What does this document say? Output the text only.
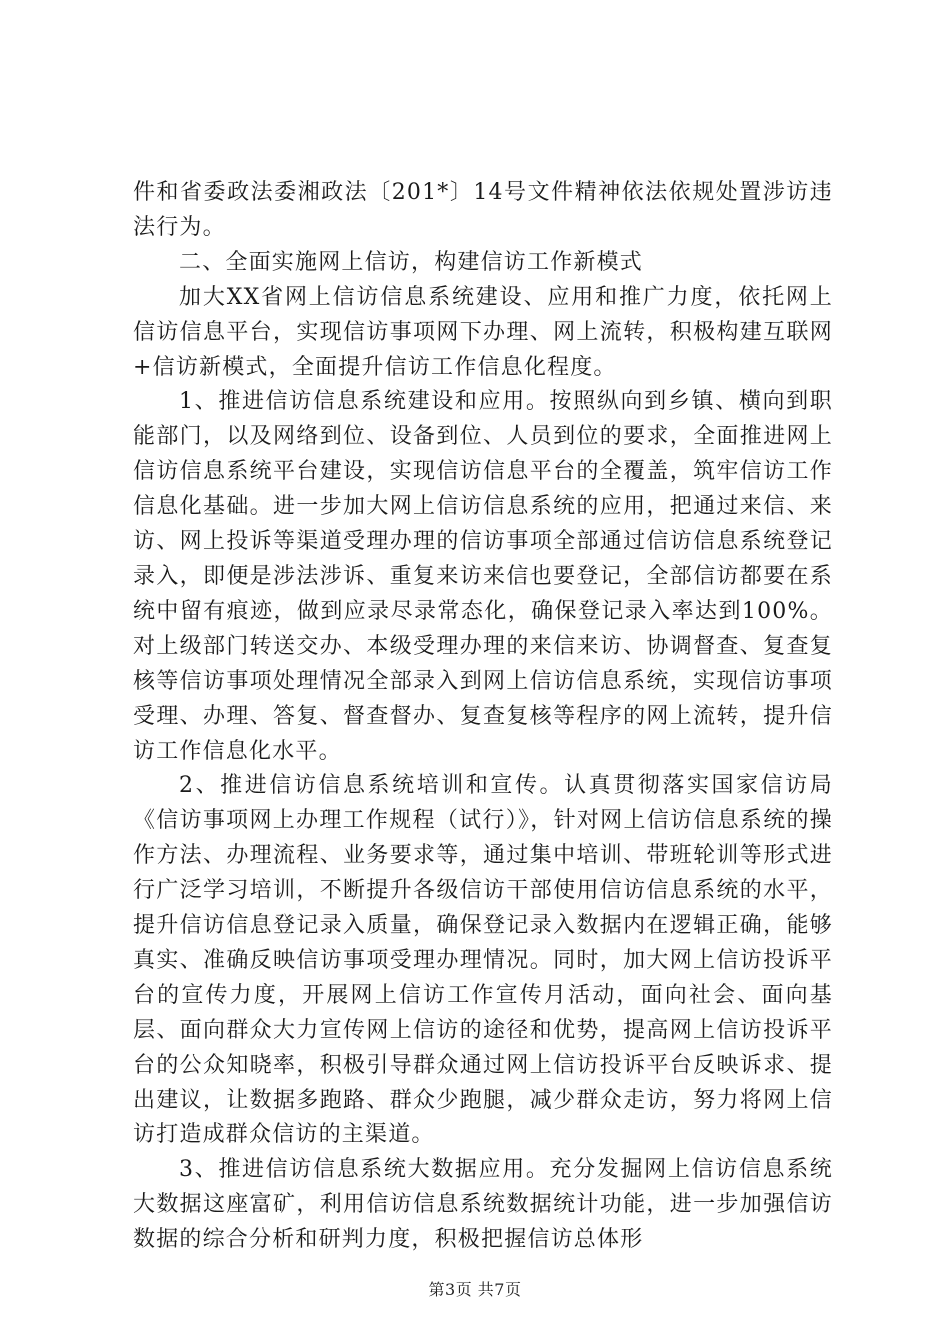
件和省委政法委湘政法〔201*〕14号文件精神依法依规处置涉访违法行为。

二、全面实施网上信访，构建信访工作新模式

加大XX省网上信访信息系统建设、应用和推广力度，依托网上信访信息平台，实现信访事项网下办理、网上流转，积极构建互联网+信访新模式，全面提升信访工作信息化程度。

1、推进信访信息系统建设和应用。按照纵向到乡镇、横向到职能部门，以及网络到位、设备到位、人员到位的要求，全面推进网上信访信息系统平台建设，实现信访信息平台的全覆盖，筑牢信访工作信息化基础。进一步加大网上信访信息系统的应用，把通过来信、来访、网上投诉等渠道受理办理的信访事项全部通过信访信息系统登记录入，即便是涉法涉诉、重复来访来信也要登记，全部信访都要在系统中留有痕迹，做到应录尽录常态化，确保登记录入率达到100%。对上级部门转送交办、本级受理办理的来信来访、协调督查、复查复核等信访事项处理情况全部录入到网上信访信息系统，实现信访事项受理、办理、答复、督查督办、复查复核等程序的网上流转，提升信访工作信息化水平。

2、推进信访信息系统培训和宣传。认真贯彻落实国家信访局《信访事项网上办理工作规程（试行）》，针对网上信访信息系统的操作方法、办理流程、业务要求等，通过集中培训、带班轮训等形式进行广泛学习培训，不断提升各级信访干部使用信访信息系统的水平，提升信访信息登记录入质量，确保登记录入数据内在逻辑正确，能够真实、准确反映信访事项受理办理情况。同时，加大网上信访投诉平台的宣传力度，开展网上信访工作宣传月活动，面向社会、面向基层、面向群众大力宣传网上信访的途径和优势，提高网上信访投诉平台的公众知晓率，积极引导群众通过网上信访投诉平台反映诉求、提出建议，让数据多跑路、群众少跑腿，减少群众走访，努力将网上信访打造成群众信访的主渠道。

3、推进信访信息系统大数据应用。充分发掘网上信访信息系统大数据这座富矿，利用信访信息系统数据统计功能，进一步加强信访数据的综合分析和研判力度，积极把握信访总体形

第3页 共7页
